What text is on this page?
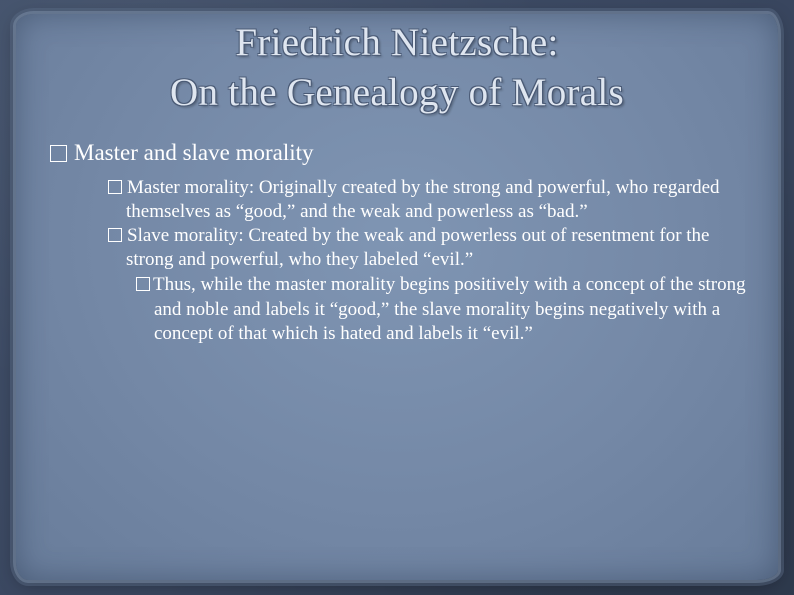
Friedrich Nietzsche:
On the Genealogy of Morals
Master and slave morality
Master morality: Originally created by the strong and powerful, who regarded themselves as “good,” and the weak and powerless as “bad.”
Slave morality: Created by the weak and powerless out of resentment for the strong and powerful, who they labeled “evil.”
Thus, while the master morality begins positively with a concept of the strong and noble and labels it “good,” the slave morality begins negatively with a concept of that which is hated and labels it “evil.”
